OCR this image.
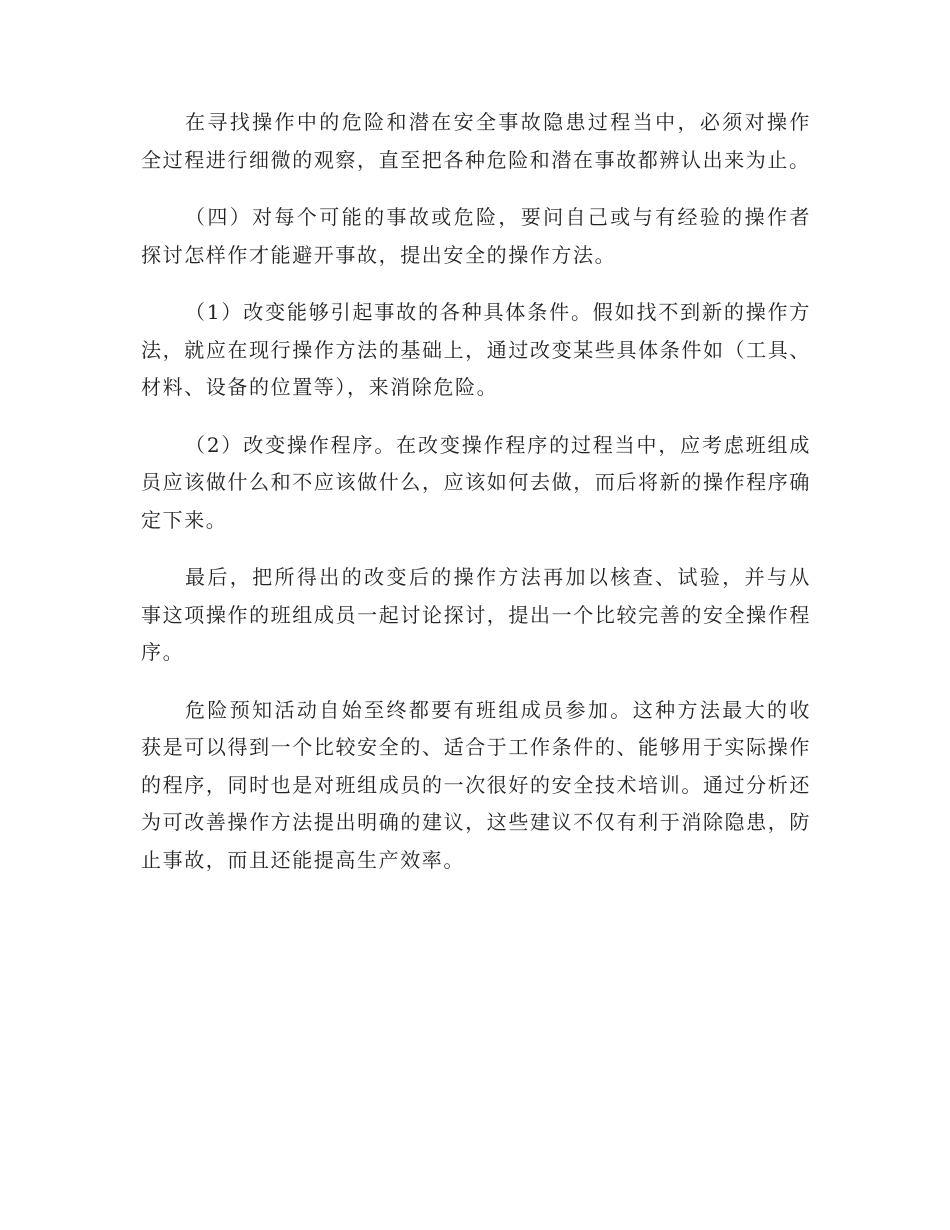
在寻找操作中的危险和潜在安全事故隐患过程当中，必须对操作全过程进行细微的观察，直至把各种危险和潜在事故都辨认出来为止。

（四）对每个可能的事故或危险，要问自己或与有经验的操作者探讨怎样作才能避开事故，提出安全的操作方法。

（1）改变能够引起事故的各种具体条件。假如找不到新的操作方法，就应在现行操作方法的基础上，通过改变某些具体条件如（工具、材料、设备的位置等），来消除危险。

（2）改变操作程序。在改变操作程序的过程当中，应考虑班组成员应该做什么和不应该做什么，应该如何去做，而后将新的操作程序确定下来。

最后，把所得出的改变后的操作方法再加以核查、试验，并与从事这项操作的班组成员一起讨论探讨，提出一个比较完善的安全操作程序。

危险预知活动自始至终都要有班组成员参加。这种方法最大的收获是可以得到一个比较安全的、适合于工作条件的、能够用于实际操作的程序，同时也是对班组成员的一次很好的安全技术培训。通过分析还为可改善操作方法提出明确的建议，这些建议不仅有利于消除隐患，防止事故，而且还能提高生产效率。
